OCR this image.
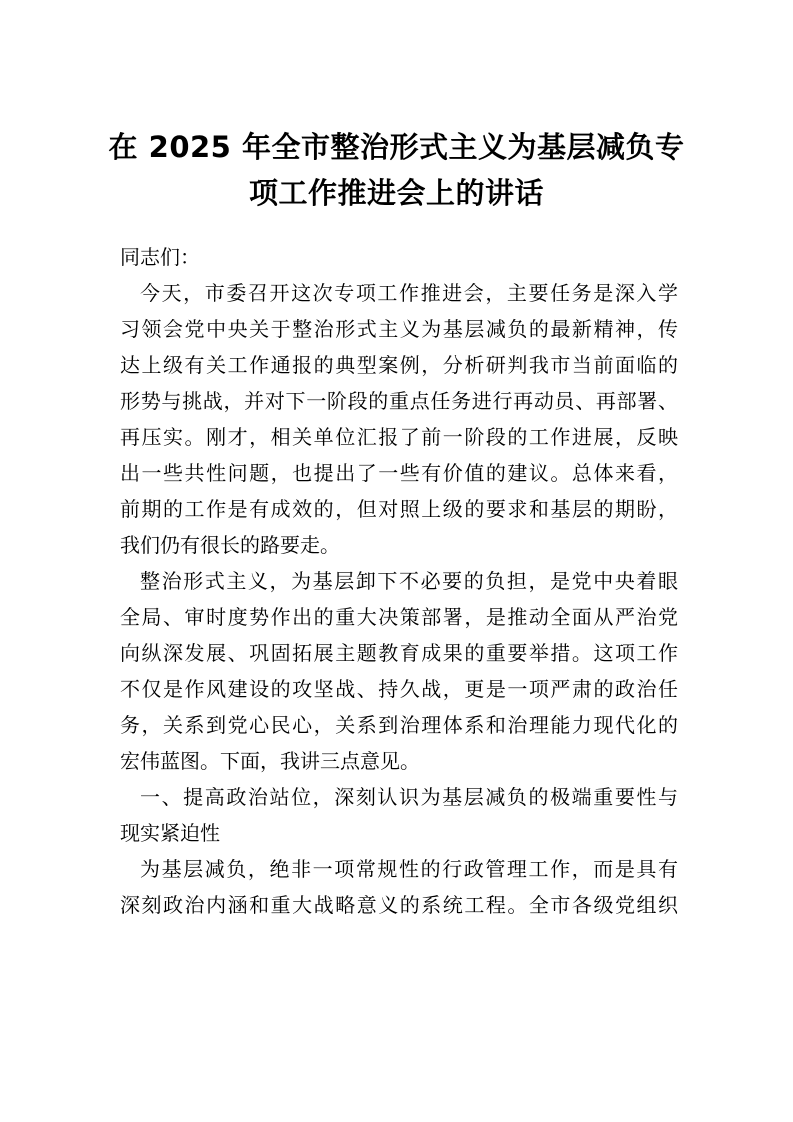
在 2025 年全市整治形式主义为基层减负专
项工作推进会上的讲话
同志们：
今天，市委召开这次专项工作推进会，主要任务是深入学
习领会党中央关于整治形式主义为基层减负的最新精神，传
达上级有关工作通报的典型案例，分析研判我市当前面临的
形势与挑战，并对下一阶段的重点任务进行再动员、再部署、
再压实。刚才，相关单位汇报了前一阶段的工作进展，反映
出一些共性问题，也提出了一些有价值的建议。总体来看，
前期的工作是有成效的，但对照上级的要求和基层的期盼，
我们仍有很长的路要走。
整治形式主义，为基层卸下不必要的负担，是党中央着眼
全局、审时度势作出的重大决策部署，是推动全面从严治党
向纵深发展、巩固拓展主题教育成果的重要举措。这项工作
不仅是作风建设的攻坚战、持久战，更是一项严肃的政治任
务，关系到党心民心，关系到治理体系和治理能力现代化的
宏伟蓝图。下面，我讲三点意见。
一、提高政治站位，深刻认识为基层减负的极端重要性与
现实紧迫性
为基层减负，绝非一项常规性的行政管理工作，而是具有
深刻政治内涵和重大战略意义的系统工程。全市各级党组织
